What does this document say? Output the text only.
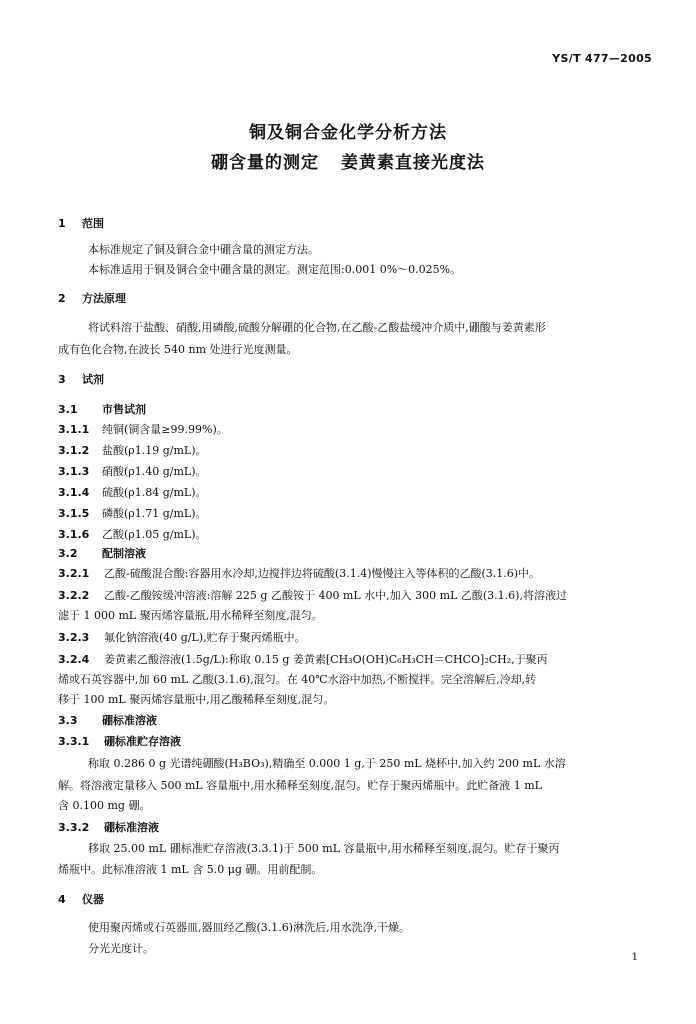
YS/T 477—2005
铜及铜合金化学分析方法
硼含量的测定 姜黄素直接光度法
1 范围
本标准规定了铜及铜合金中硼含量的测定方法。
本标准适用于铜及铜合金中硼含量的测定。测定范围:0.001 0%～0.025%。
2 方法原理
将试料溶于盐酸、硝酸,用磷酸,硫酸分解硼的化合物,在乙酸-乙酸盐缓冲介质中,硼酸与姜黄素形
成有色化合物,在波长 540 nm 处进行光度测量。
3 试剂
3.1 市售试剂
3.1.1 纯铜(铜含量≥99.99%)。
3.1.2 盐酸(ρ1.19 g/mL)。
3.1.3 硝酸(ρ1.40 g/mL)。
3.1.4 硫酸(ρ1.84 g/mL)。
3.1.5 磷酸(ρ1.71 g/mL)。
3.1.6 乙酸(ρ1.05 g/mL)。
3.2 配制溶液
3.2.1 乙酸-硫酸混合酸:容器用水冷却,边搅拌边将硫酸(3.1.4)慢慢注入等体积的乙酸(3.1.6)中。
3.2.2 乙酸-乙酸铵缓冲溶液:溶解 225 g 乙酸铵于 400 mL 水中,加入 300 mL 乙酸(3.1.6),将溶液过
滤于 1 000 mL 聚丙烯容量瓶,用水稀释至刻度,混匀。
3.2.3 氟化钠溶液(40 g/L),贮存于聚丙烯瓶中。
3.2.4 姜黄素乙酸溶液(1.5g/L):称取 0.15 g 姜黄素[CH₃O(OH)C₆H₃CH＝CHCO]₂CH₂,于聚丙
烯或石英容器中,加 60 mL 乙酸(3.1.6),混匀。在 40℃水浴中加热,不断搅拌。完全溶解后,冷却,转
移于 100 mL 聚丙烯容量瓶中,用乙酸稀释至刻度,混匀。
3.3 硼标准溶液
3.3.1 硼标准贮存溶液
称取 0.286 0 g 光谱纯硼酸(H₃BO₃),精确至 0.000 1 g,于 250 mL 烧杯中,加入约 200 mL 水溶
解。将溶液定量移入 500 mL 容量瓶中,用水稀释至刻度,混匀。贮存于聚丙烯瓶中。此贮备液 1 mL
含 0.100 mg 硼。
3.3.2 硼标准溶液
移取 25.00 mL 硼标准贮存溶液(3.3.1)于 500 mL 容量瓶中,用水稀释至刻度,混匀。贮存于聚丙
烯瓶中。此标准溶液 1 mL 含 5.0 μg 硼。用前配制。
4 仪器
使用聚丙烯或石英器皿,器皿经乙酸(3.1.6)淋洗后,用水洗净,干燥。
分光光度计。
1
